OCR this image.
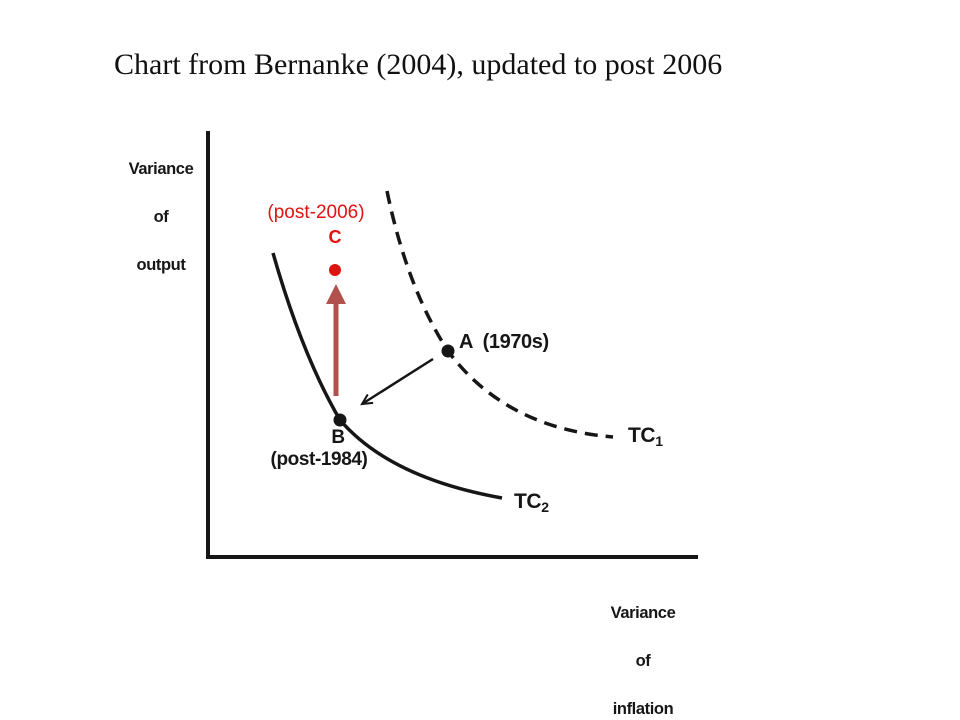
Chart from Bernanke (2004), updated to post 2006

Variance

of

output

Variance

of

inflation

(post-2006)
C
A  (1970s)
B
(post-1984)
$TC_1$
$TC_2$
